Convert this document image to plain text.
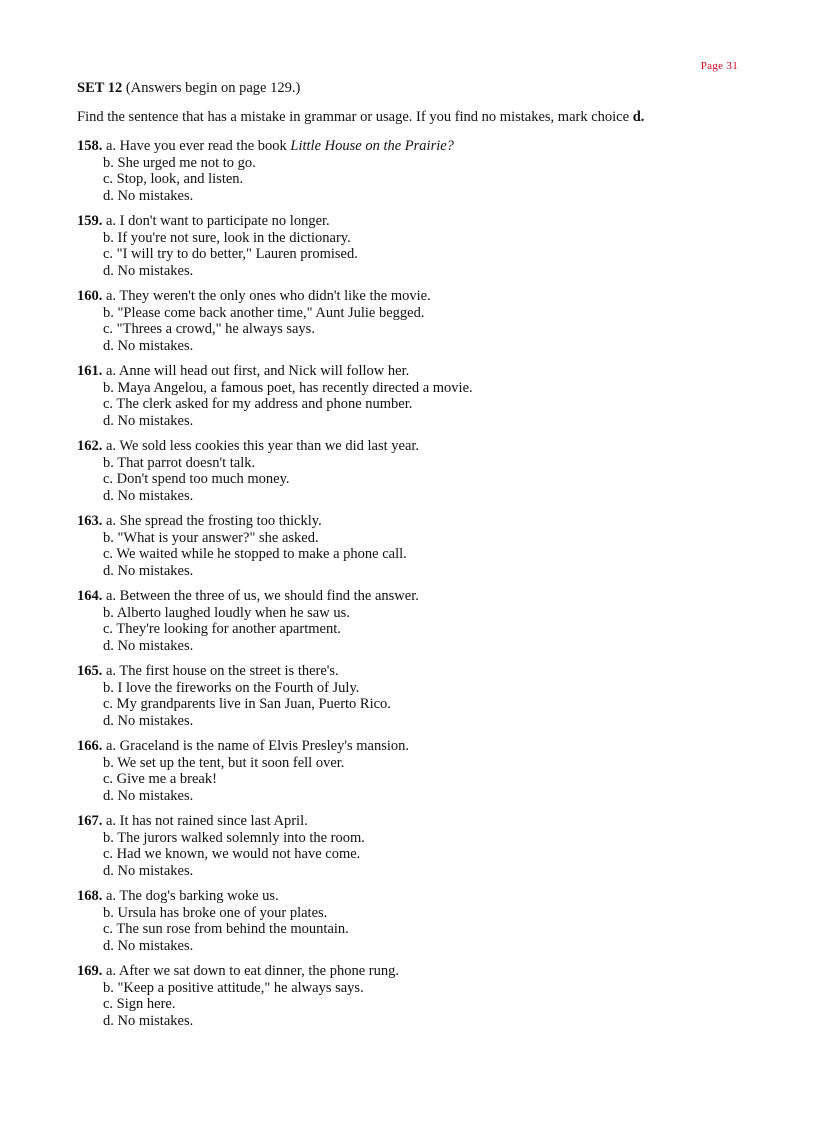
Page 31
SET 12 (Answers begin on page 129.)
Find the sentence that has a mistake in grammar or usage. If you find no mistakes, mark choice d.
158. a. Have you ever read the book Little House on the Prairie?
b. She urged me not to go.
c. Stop, look, and listen.
d. No mistakes.
159. a. I don't want to participate no longer.
b. If you're not sure, look in the dictionary.
c. "I will try to do better," Lauren promised.
d. No mistakes.
160. a. They weren't the only ones who didn't like the movie.
b. "Please come back another time," Aunt Julie begged.
c. "Threes a crowd," he always says.
d. No mistakes.
161. a. Anne will head out first, and Nick will follow her.
b. Maya Angelou, a famous poet, has recently directed a movie.
c. The clerk asked for my address and phone number.
d. No mistakes.
162. a. We sold less cookies this year than we did last year.
b. That parrot doesn't talk.
c. Don't spend too much money.
d. No mistakes.
163. a. She spread the frosting too thickly.
b. "What is your answer?" she asked.
c. We waited while he stopped to make a phone call.
d. No mistakes.
164. a. Between the three of us, we should find the answer.
b. Alberto laughed loudly when he saw us.
c. They're looking for another apartment.
d. No mistakes.
165. a. The first house on the street is there's.
b. I love the fireworks on the Fourth of July.
c. My grandparents live in San Juan, Puerto Rico.
d. No mistakes.
166. a. Graceland is the name of Elvis Presley's mansion.
b. We set up the tent, but it soon fell over.
c. Give me a break!
d. No mistakes.
167. a. It has not rained since last April.
b. The jurors walked solemnly into the room.
c. Had we known, we would not have come.
d. No mistakes.
168. a. The dog's barking woke us.
b. Ursula has broke one of your plates.
c. The sun rose from behind the mountain.
d. No mistakes.
169. a. After we sat down to eat dinner, the phone rung.
b. "Keep a positive attitude," he always says.
c. Sign here.
d. No mistakes.
